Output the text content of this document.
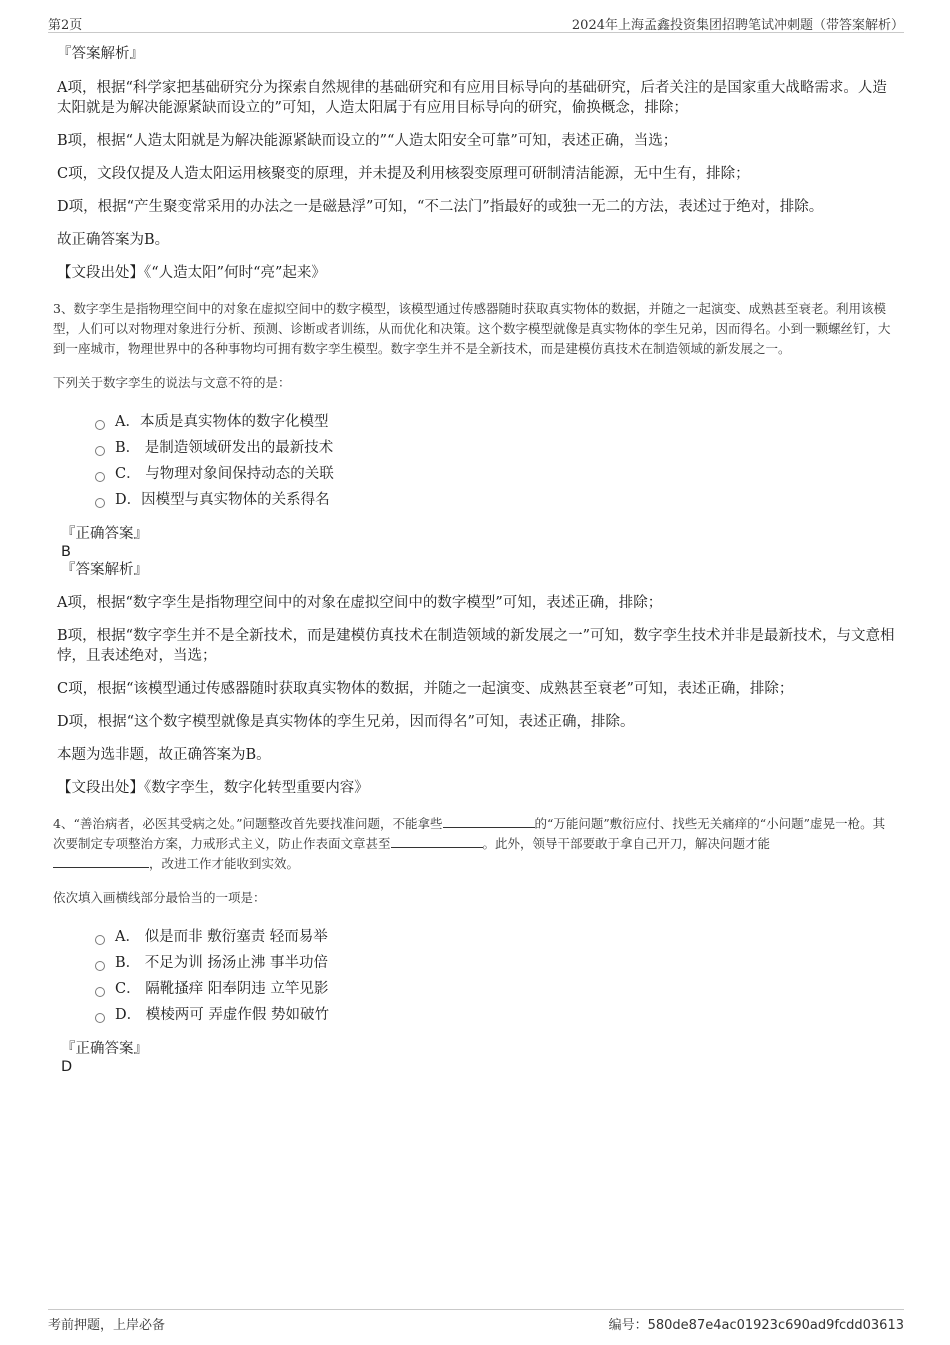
第2页	2024年上海孟鑫投资集团招聘笔试冲刺题（带答案解析）
『答案解析』

A项，根据“科学家把基础研究分为探索自然规律的基础研究和有应用目标导向的基础研究，后者关注的是国家重大战略需求。人造太阳就是为解决能源紧缺而设立的”可知，人造太阳属于有应用目标导向的研究，偷换概念，排除；

B项，根据“人造太阳就是为解决能源紧缺而设立的”“人造太阳安全可靠”可知，表述正确，当选；

C项，文段仅提及人造太阳运用核聚变的原理，并未提及利用核裂变原理可研制清洁能源，无中生有，排除；

D项，根据“产生聚变常采用的办法之一是磁悬浮”可知，“不二法门”指最好的或独一无二的方法，表述过于绝对，排除。

故正确答案为B。

【文段出处】《“人造太阳”何时“亮”起来》

3、数字孪生是指物理空间中的对象在虚拟空间中的数字模型，该模型通过传感器随时获取真实物体的数据，并随之一起演变、成熟甚至衰老。利用该模型，人们可以对物理对象进行分析、预测、诊断或者训练，从而优化和决策。这个数字模型就像是真实物体的孪生兄弟，因而得名。小到一颗螺丝钉，大到一座城市，物理世界中的各种事物均可拥有数字孪生模型。数字孪生并不是全新技术，而是建模仿真技术在制造领域的新发展之一。

下列关于数字孪生的说法与文意不符的是：

A．本质是真实物体的数字化模型
B． 是制造领域研发出的最新技术
C． 与物理对象间保持动态的关联
D．因模型与真实物体的关系得名
『正确答案』
B
『答案解析』

A项，根据“数字孪生是指物理空间中的对象在虚拟空间中的数字模型”可知，表述正确，排除；

B项，根据“数字孪生并不是全新技术，而是建模仿真技术在制造领域的新发展之一”可知，数字孪生技术并非是最新技术，与文意相悖，且表述绝对，当选；

C项，根据“该模型通过传感器随时获取真实物体的数据，并随之一起演变、成熟甚至衰老”可知，表述正确，排除；

D项，根据“这个数字模型就像是真实物体的孪生兄弟，因而得名”可知，表述正确，排除。

本题为选非题，故正确答案为B。

【文段出处】《数字孪生，数字化转型重要内容》

4、“善治病者，必医其受病之处。”问题整改首先要找准问题，不能拿些	的“万能问题”敷衍应付、找些无关痛痒的“小问题”虚晃一枪。其次要制定专项整治方案，力戒形式主义，防止作表面文章甚至	。此外，领导干部要敢于拿自己开刀，解决问题才能
，改进工作才能收到实效。

依次填入画横线部分最恰当的一项是：

A． 似是而非 敷衍塞责 轻而易举
B． 不足为训 扬汤止沸 事半功倍
C． 隔靴搔痒 阳奉阴违 立竿见影
D． 模棱两可 弄虚作假 势如破竹
『正确答案』
D
考前押题，上岸必备	编号：580de87e4ac01923c690ad9fcdd03613
